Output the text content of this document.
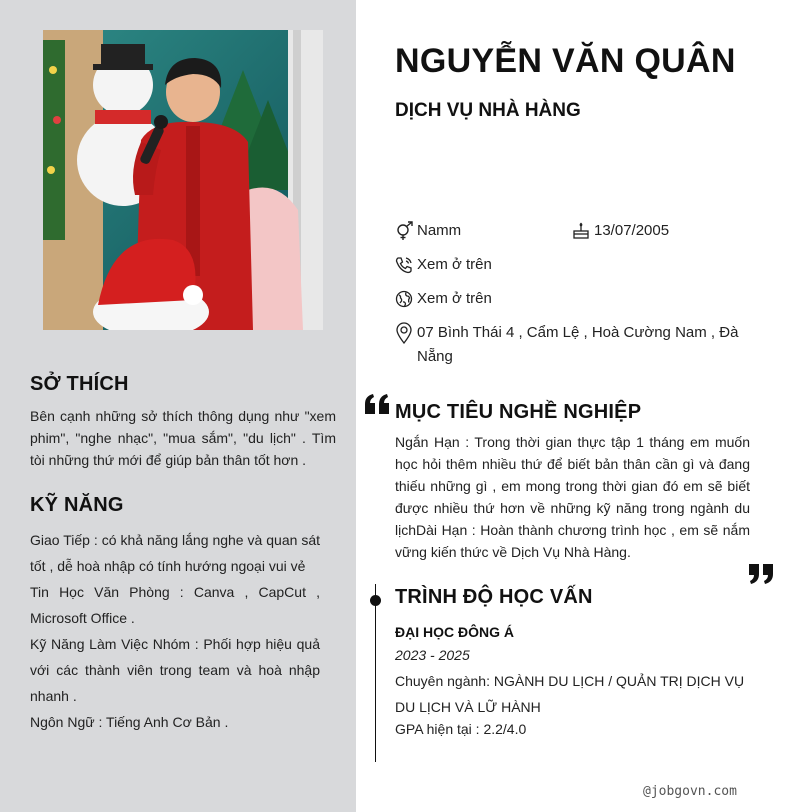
SỞ THÍCH
Bên cạnh những sở thích thông dụng như "xem phim", "nghe nhạc", "mua sắm", "du lịch" . Tìm tòi những thứ mới để giúp bản thân tốt hơn .
KỸ NĂNG
Giao Tiếp : có khả năng lắng nghe và quan sát tốt , dễ hoà nhập có tính hướng ngoại vui vẻ
Tin Học Văn Phòng : Canva , CapCut , Microsoft Office .
Kỹ Năng Làm Việc Nhóm : Phối hợp hiệu quả với các thành viên trong team và hoà nhập nhanh .
Ngôn Ngữ : Tiếng Anh Cơ Bản .
NGUYỄN VĂN QUÂN
DỊCH VỤ NHÀ HÀNG
Namm	13/07/2005
Xem ở trên
Xem ở trên
07 Bình Thái 4 , Cẩm Lệ , Hoà Cường Nam , Đà Nẵng
MỤC TIÊU NGHỀ NGHIỆP
Ngắn Hạn : Trong thời gian thực tập 1 tháng em muốn học hỏi thêm nhiều thứ để biết bản thân cần gì và đang thiếu những gì , em mong trong thời gian đó em sẽ biết được nhiều thứ hơn về những kỹ năng trong ngành du lịchDài Hạn : Hoàn thành chương trình học , em sẽ nắm vững kiến thức về Dịch Vụ Nhà Hàng.
TRÌNH ĐỘ HỌC VẤN
ĐẠI HỌC ĐÔNG Á
2023 - 2025
Chuyên ngành: NGÀNH DU LỊCH / QUẢN TRỊ DỊCH VỤ DU LỊCH VÀ LỮ HÀNH
GPA hiện tại : 2.2/4.0
@jobgovn.com
